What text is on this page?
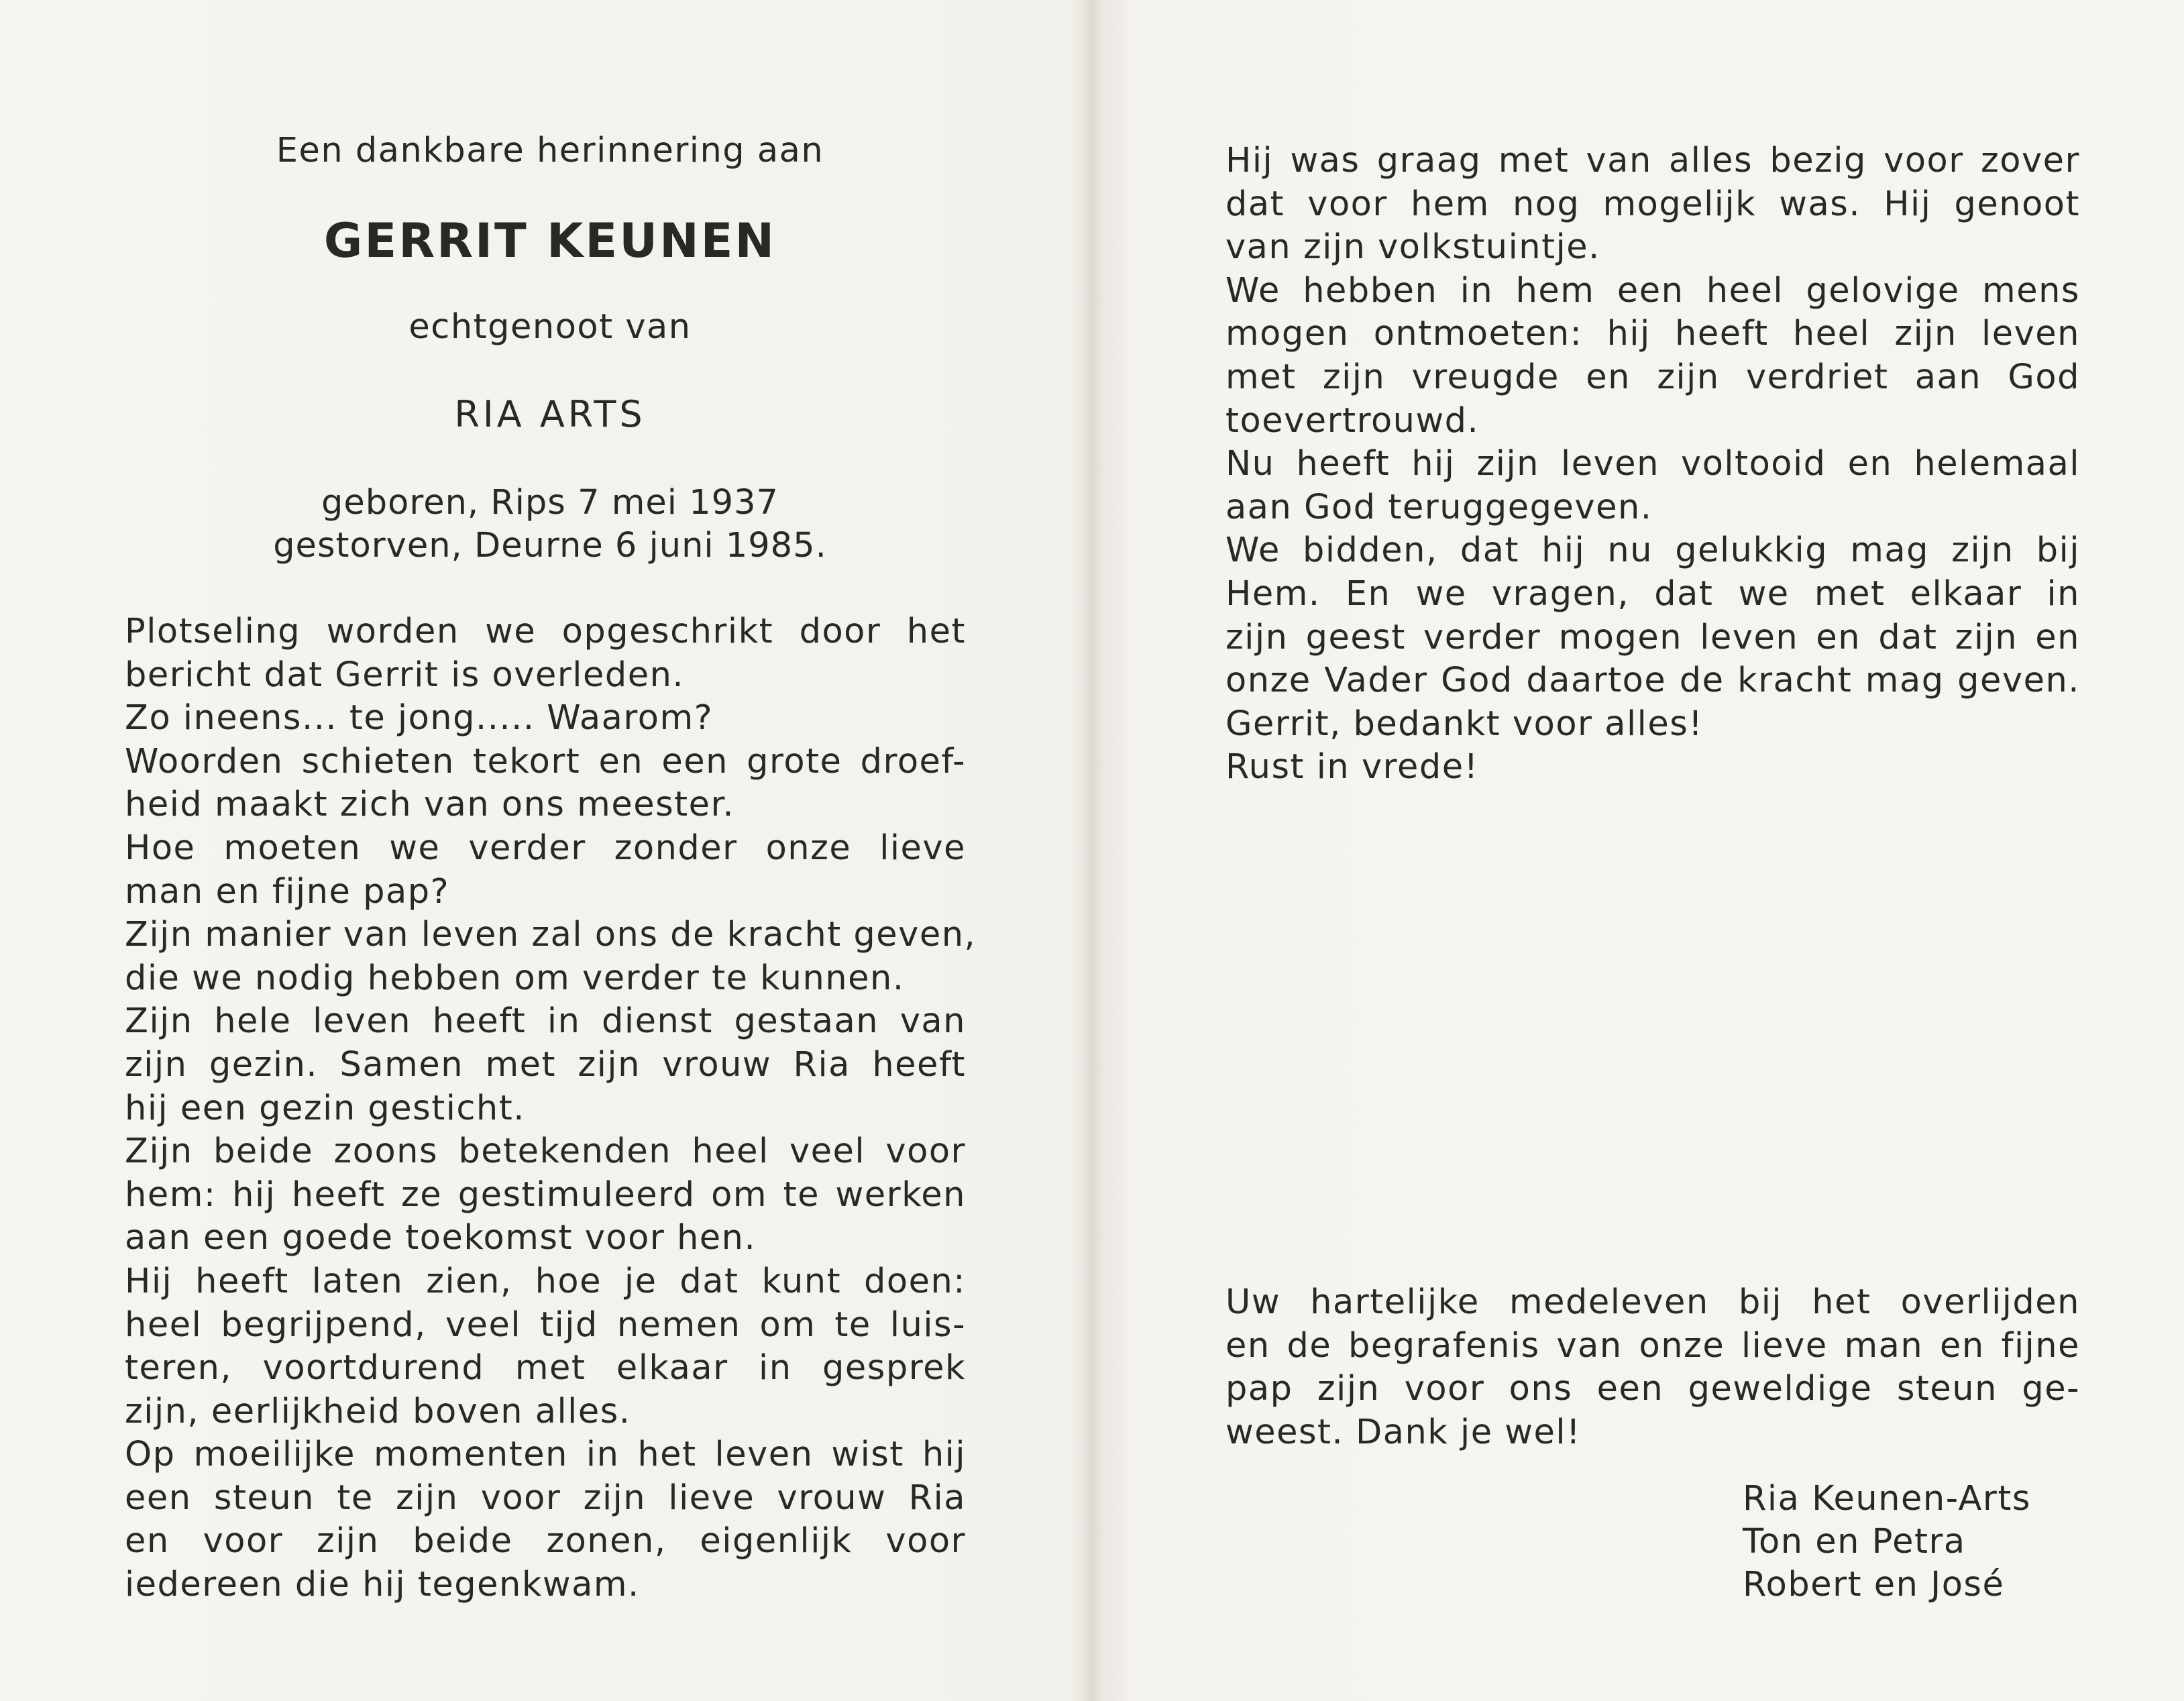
Een dankbare herinnering aan
GERRIT KEUNEN
echtgenoot van
RIA ARTS
geboren, Rips 7 mei 1937
gestorven, Deurne 6 juni 1985.
Plotseling worden we opgeschrikt door het
bericht dat Gerrit is overleden.
Zo ineens... te jong..... Waarom?
Woorden schieten tekort en een grote droef-
heid maakt zich van ons meester.
Hoe moeten we verder zonder onze lieve
man en fijne pap?
Zijn manier van leven zal ons de kracht geven,
die we nodig hebben om verder te kunnen.
Zijn hele leven heeft in dienst gestaan van
zijn gezin. Samen met zijn vrouw Ria heeft
hij een gezin gesticht.
Zijn beide zoons betekenden heel veel voor
hem: hij heeft ze gestimuleerd om te werken
aan een goede toekomst voor hen.
Hij heeft laten zien, hoe je dat kunt doen:
heel begrijpend, veel tijd nemen om te luis-
teren, voortdurend met elkaar in gesprek
zijn, eerlijkheid boven alles.
Op moeilijke momenten in het leven wist hij
een steun te zijn voor zijn lieve vrouw Ria
en voor zijn beide zonen, eigenlijk voor
iedereen die hij tegenkwam.
Hij was graag met van alles bezig voor zover
dat voor hem nog mogelijk was. Hij genoot
van zijn volkstuintje.
We hebben in hem een heel gelovige mens
mogen ontmoeten: hij heeft heel zijn leven
met zijn vreugde en zijn verdriet aan God
toevertrouwd.
Nu heeft hij zijn leven voltooid en helemaal
aan God teruggegeven.
We bidden, dat hij nu gelukkig mag zijn bij
Hem. En we vragen, dat we met elkaar in
zijn geest verder mogen leven en dat zijn en
onze Vader God daartoe de kracht mag geven.
Gerrit, bedankt voor alles!
Rust in vrede!
Uw hartelijke medeleven bij het overlijden
en de begrafenis van onze lieve man en fijne
pap zijn voor ons een geweldige steun ge-
weest. Dank je wel!
Ria Keunen-Arts
Ton en Petra
Robert en José
